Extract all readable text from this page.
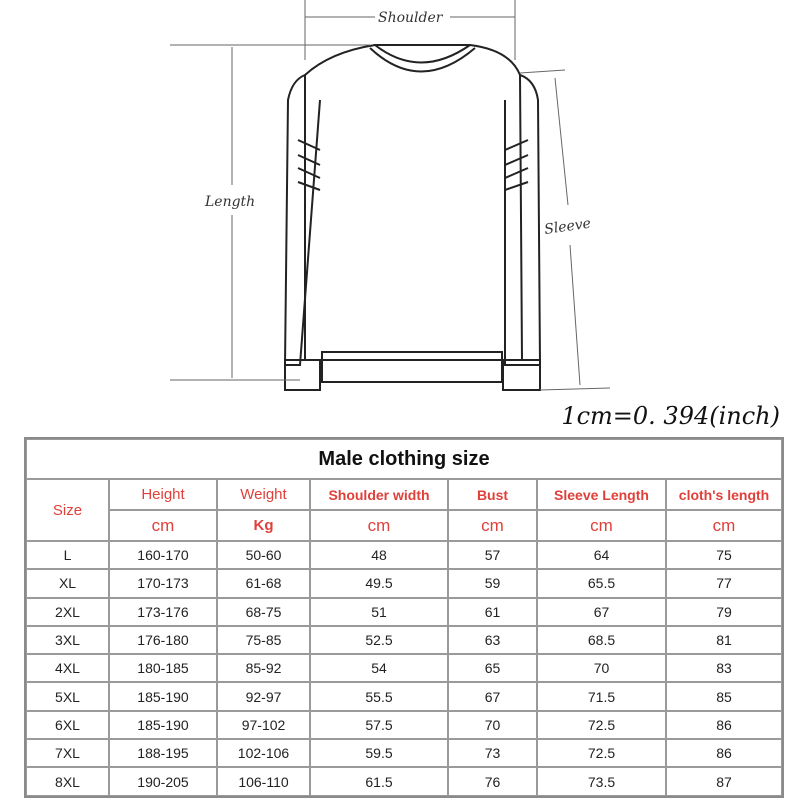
Shoulder
Length
Sleeve
1cm=0. 394(inch)
Male clothing size						
Size	Height	Weight	Shoulder width	Bust	Sleeve Length	cloth's length
	cm	Kg	cm	cm	cm	cm
L	160-170	50-60	48	57	64	75
XL	170-173	61-68	49.5	59	65.5	77
2XL	173-176	68-75	51	61	67	79
3XL	176-180	75-85	52.5	63	68.5	81
4XL	180-185	85-92	54	65	70	83
5XL	185-190	92-97	55.5	67	71.5	85
6XL	185-190	97-102	57.5	70	72.5	86
7XL	188-195	102-106	59.5	73	72.5	86
8XL	190-205	106-110	61.5	76	73.5	87
